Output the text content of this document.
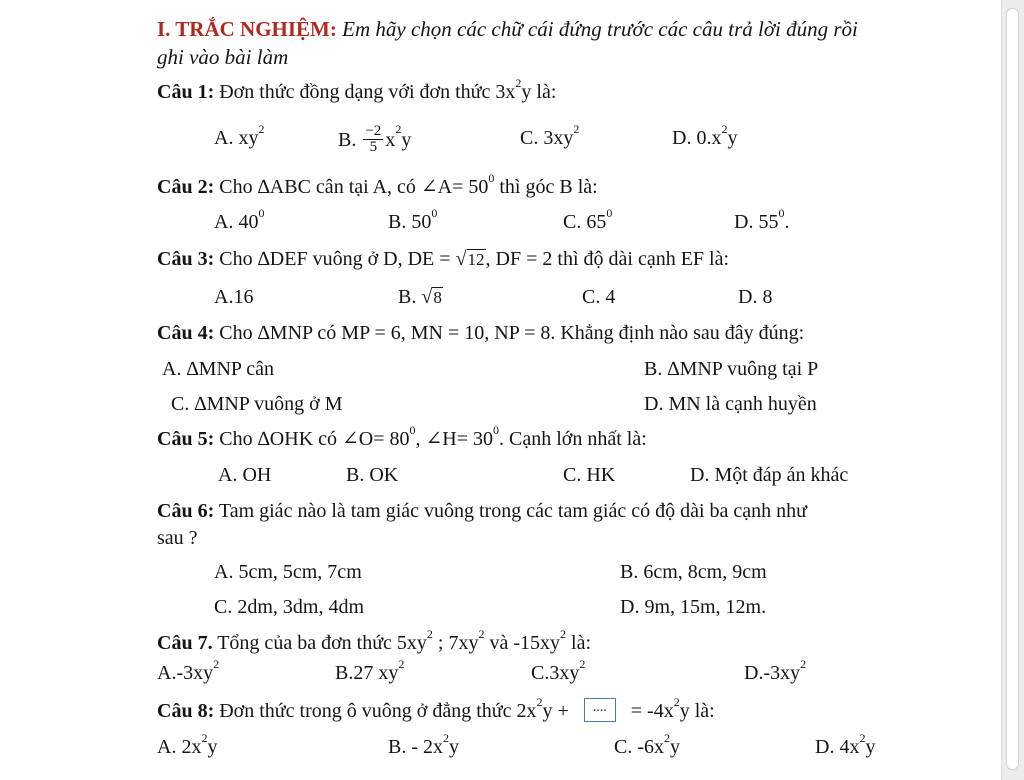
I. TRẮC NGHIỆM: Em hãy chọn các chữ cái đứng trước các câu trả lời đúng rồi
ghi vào bài làm
Câu 1: Đơn thức đồng dạng với đơn thức $3x^2y$ là:
A. $xy^2$
B. $\frac{-2}{5} x^2y$	C. $3xy^2$	D. $0.x^2y$
Câu 2: Cho ∆ABC cân tại A, có ∠A= $50^0$ thì góc B là:
A. $40^0$	B. $50^0$	C. $65^0$	D. $55^0$.
Câu 3: Cho ∆DEF vuông ở D, DE = √12, DF = 2 thì độ dài cạnh EF là:
A.16	B. √8	C. 4	D. 8
Câu 4: Cho ∆MNP có MP = 6, MN = 10, NP = 8. Khẳng định nào sau đây đúng:
A. ∆MNP cân	B. ∆MNP vuông tại P
C. ∆MNP vuông ở M	D. MN là cạnh huyền
Câu 5: Cho ∆OHK có ∠O= $80^0$, ∠H= $30^0$. Cạnh lớn nhất là:
A. OH	B. OK	C. HK	D. Một đáp án khác
Câu 6: Tam giác nào là tam giác vuông trong các tam giác có độ dài ba cạnh như
sau ?
A. 5cm, 5cm, 7cm	B. 6cm, 8cm, 9cm
C. 2dm, 3dm, 4dm	D. 9m, 15m, 12m.
Câu 7. Tổng của ba đơn thức $5xy^2$ ; $7xy^2$ và $-15xy^2$ là:
$A.-3xy^2$	B.27 $xy^2$	$C.3xy^2$	$D.-3xy^2$
Câu 8: Đơn thức trong ô vuông ở đẳng thức $2x^2y$ + .... = $-4x^2y$ là:
A. $2x^2y$	B. - $2x^2y$	C. $-6x^2y$	D. $4x^2y$
